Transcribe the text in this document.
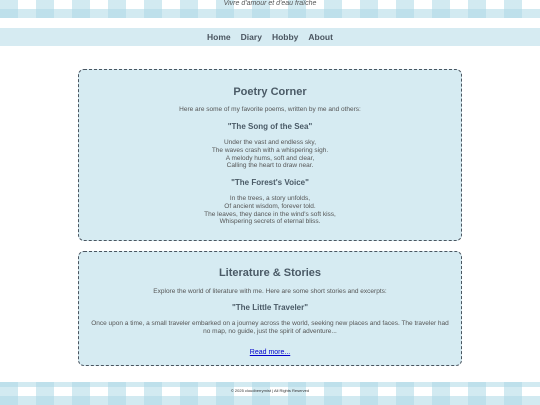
Vivre d'amour et d'eau fraîche
Home Diary Hobby About
Poetry Corner

Here are some of my favorite poems, written by me and others:

"The Song of the Sea"
Under the vast and endless sky,
The waves crash with a whispering sigh.
A melody hums, soft and clear,
Calling the heart to draw near.
"The Forest's Voice"
In the trees, a story unfolds,
Of ancient wisdom, forever told.
The leaves, they dance in the wind's soft kiss,
Whispering secrets of eternal bliss.
Literature & Stories

Explore the world of literature with me. Here are some short stories and excerpts:

"The Little Traveler"
Once upon a time, a small traveler embarked on a journey across the world, seeking new places and faces. The traveler had no map, no guide, just the spirit of adventure...
Read more...
© 2025 cloudberrymist | All Rights Reserved
